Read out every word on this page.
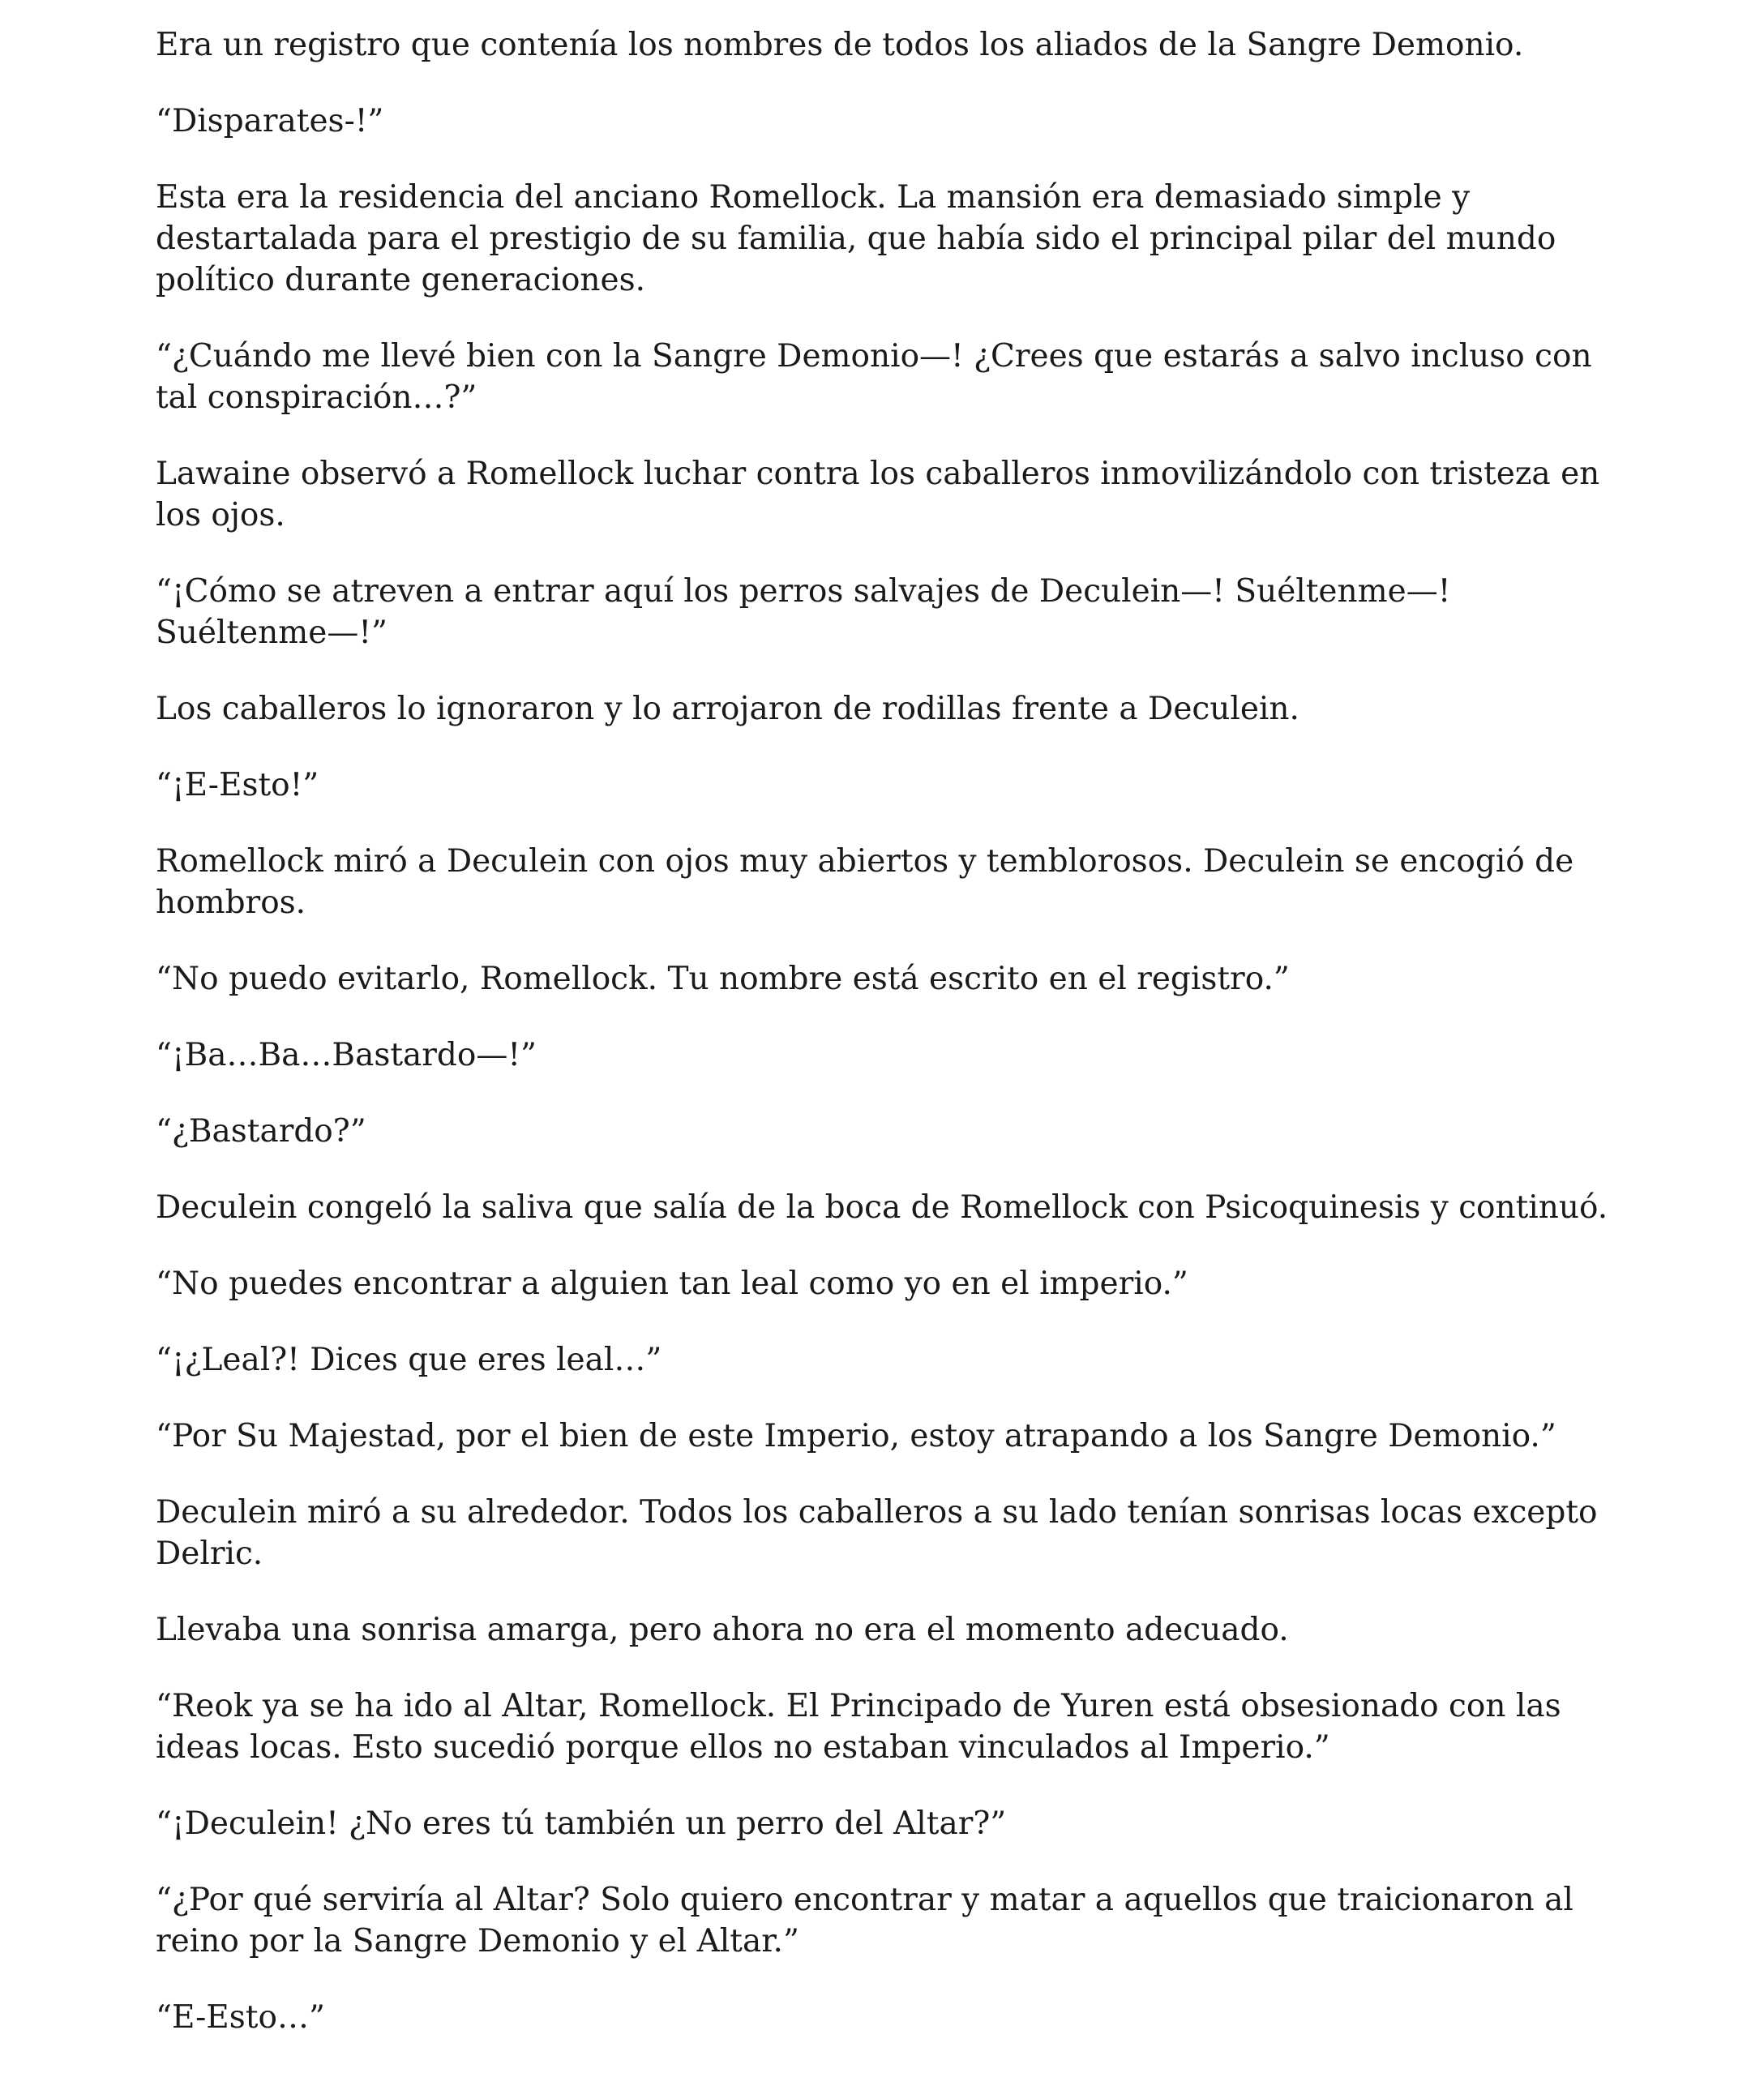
Era un registro que contenía los nombres de todos los aliados de la Sangre Demonio.

“Disparates-!”

Esta era la residencia del anciano Romellock. La mansión era demasiado simple y destartalada para el prestigio de su familia, que había sido el principal pilar del mundo político durante generaciones.

“¿Cuándo me llevé bien con la Sangre Demonio—! ¿Crees que estarás a salvo incluso con tal conspiración…?”

Lawaine observó a Romellock luchar contra los caballeros inmovilizándolo con tristeza en los ojos.

“¡Cómo se atreven a entrar aquí los perros salvajes de Deculein—! Suéltenme—! Suéltenme—!”

Los caballeros lo ignoraron y lo arrojaron de rodillas frente a Deculein.

“¡E-Esto!”

Romellock miró a Deculein con ojos muy abiertos y temblorosos. Deculein se encogió de hombros.

“No puedo evitarlo, Romellock. Tu nombre está escrito en el registro.”

“¡Ba…Ba…Bastardo—!”

“¿Bastardo?”

Deculein congeló la saliva que salía de la boca de Romellock con Psicoquinesis y continuó.

“No puedes encontrar a alguien tan leal como yo en el imperio.”

“¡¿Leal?! Dices que eres leal…”

“Por Su Majestad, por el bien de este Imperio, estoy atrapando a los Sangre Demonio.”

Deculein miró a su alrededor. Todos los caballeros a su lado tenían sonrisas locas excepto Delric.

Llevaba una sonrisa amarga, pero ahora no era el momento adecuado.

“Reok ya se ha ido al Altar, Romellock. El Principado de Yuren está obsesionado con las ideas locas. Esto sucedió porque ellos no estaban vinculados al Imperio.”

“¡Deculein! ¿No eres tú también un perro del Altar?”

“¿Por qué serviría al Altar? Solo quiero encontrar y matar a aquellos que traicionaron al reino por la Sangre Demonio y el Altar.”

“E-Esto…”
